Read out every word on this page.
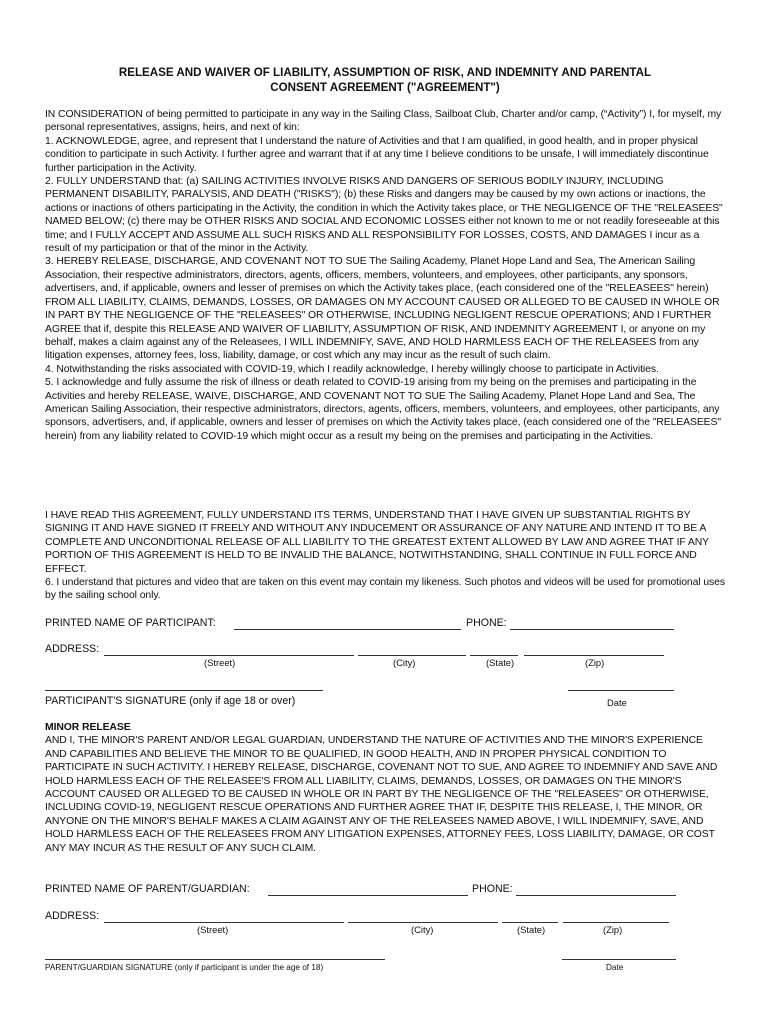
RELEASE AND WAIVER OF LIABILITY, ASSUMPTION OF RISK, AND INDEMNITY AND PARENTAL
CONSENT AGREEMENT ("AGREEMENT")

IN CONSIDERATION of being permitted to participate in any way in the Sailing Class, Sailboat Club, Charter and/or camp, (“Activity”) I, for myself, my personal representatives, assigns, heirs, and next of kin:

1. ACKNOWLEDGE, agree, and represent that I understand the nature of Activities and that I am qualified, in good health, and in proper physical condition to participate in such Activity. I further agree and warrant that if at any time I believe conditions to be unsafe, I will immediately discontinue further participation in the Activity.

2. FULLY UNDERSTAND that: (a) SAILING ACTIVITIES INVOLVE RISKS AND DANGERS OF SERIOUS BODILY INJURY, INCLUDING PERMANENT DISABILITY, PARALYSIS, AND DEATH ("RISKS"); (b) these Risks and dangers may be caused by my own actions or inactions, the actions or inactions of others participating in the Activity, the condition in which the Activity takes place, or THE NEGLIGENCE OF THE "RELEASEES" NAMED BELOW; (c) there may be OTHER RISKS AND SOCIAL AND ECONOMIC LOSSES either not known to me or not readily foreseeable at this time; and I FULLY ACCEPT AND ASSUME ALL SUCH RISKS AND ALL RESPONSIBILITY FOR LOSSES, COSTS, AND DAMAGES I incur as a result of my participation or that of the minor in the Activity.

3. HEREBY RELEASE, DISCHARGE, AND COVENANT NOT TO SUE The Sailing Academy, Planet Hope Land and Sea, The American Sailing Association, their respective administrators, directors, agents, officers, members, volunteers, and employees, other participants, any sponsors, advertisers, and, if applicable, owners and lesser of premises on which the Activity takes place, (each considered one of the "RELEASEES" herein) FROM ALL LIABILITY, CLAIMS, DEMANDS, LOSSES, OR DAMAGES ON MY ACCOUNT CAUSED OR ALLEGED TO BE CAUSED IN WHOLE OR IN PART BY THE NEGLIGENCE OF THE "RELEASEES" OR OTHERWISE, INCLUDING NEGLIGENT RESCUE OPERATIONS; AND I FURTHER AGREE that if, despite this RELEASE AND WAIVER OF LIABILITY, ASSUMPTION OF RISK, AND INDEMNITY AGREEMENT I, or anyone on my behalf, makes a claim against any of the Releasees, I WILL INDEMNIFY, SAVE, AND HOLD HARMLESS EACH OF THE RELEASEES from any litigation expenses, attorney fees, loss, liability, damage, or cost which any may incur as the result of such claim.

4. Notwithstanding the risks associated with COVID-19, which I readily acknowledge, I hereby willingly choose to participate in Activities.

5. I acknowledge and fully assume the risk of illness or death related to COVID-19 arising from my being on the premises and participating in the Activities and hereby RELEASE, WAIVE, DISCHARGE, AND COVENANT NOT TO SUE The Sailing Academy, Planet Hope Land and Sea, The American Sailing Association, their respective administrators, directors, agents, officers, members, volunteers, and employees, other participants, any sponsors, advertisers, and, if applicable, owners and lesser of premises on which the Activity takes place, (each considered one of the "RELEASEES" herein) from any liability related to COVID-19 which might occur as a result my being on the premises and participating in the Activities.

I HAVE READ THIS AGREEMENT, FULLY UNDERSTAND ITS TERMS, UNDERSTAND THAT I HAVE GIVEN UP SUBSTANTIAL RIGHTS BY SIGNING IT AND HAVE SIGNED IT FREELY AND WITHOUT ANY INDUCEMENT OR ASSURANCE OF ANY NATURE AND INTEND IT TO BE A COMPLETE AND UNCONDITIONAL RELEASE OF ALL LIABILITY TO THE GREATEST EXTENT ALLOWED BY LAW AND AGREE THAT IF ANY PORTION OF THIS AGREEMENT IS HELD TO BE INVALID THE BALANCE, NOTWITHSTANDING, SHALL CONTINUE IN FULL FORCE AND EFFECT.

6. I understand that pictures and video that are taken on this event may contain my likeness. Such photos and videos will be used for promotional uses by the sailing school only.

PRINTED NAME OF PARTICIPANT:	PHONE:
ADDRESS:
(Street)	(City)	(State)	(Zip)
PARTICIPANT'S SIGNATURE (only if age 18 or over)	Date

MINOR RELEASE

AND I, THE MINOR'S PARENT AND/OR LEGAL GUARDIAN, UNDERSTAND THE NATURE OF ACTIVITIES AND THE MINOR'S EXPERIENCE AND CAPABILITIES AND BELIEVE THE MINOR TO BE QUALIFIED, IN GOOD HEALTH, AND IN PROPER PHYSICAL CONDITION TO PARTICIPATE IN SUCH ACTIVITY. I HEREBY RELEASE, DISCHARGE, COVENANT NOT TO SUE, AND AGREE TO INDEMNIFY AND SAVE AND HOLD HARMLESS EACH OF THE RELEASEE'S FROM ALL LIABILITY, CLAIMS, DEMANDS, LOSSES, OR DAMAGES ON THE MINOR'S ACCOUNT CAUSED OR ALLEGED TO BE CAUSED IN WHOLE OR IN PART BY THE NEGLIGENCE OF THE "RELEASEES" OR OTHERWISE, INCLUDING COVID-19, NEGLIGENT RESCUE OPERATIONS AND FURTHER AGREE THAT IF, DESPITE THIS RELEASE, I, THE MINOR, OR ANYONE ON THE MINOR'S BEHALF MAKES A CLAIM AGAINST ANY OF THE RELEASEES NAMED ABOVE, I WILL INDEMNIFY, SAVE, AND HOLD HARMLESS EACH OF THE RELEASEES FROM ANY LITIGATION EXPENSES, ATTORNEY FEES, LOSS LIABILITY, DAMAGE, OR COST ANY MAY INCUR AS THE RESULT OF ANY SUCH CLAIM.

PRINTED NAME OF PARENT/GUARDIAN:	PHONE:
ADDRESS:
(Street)	(City)	(State)	(Zip)
PARENT/GUARDIAN SIGNATURE (only if participant is under the age of 18)	Date
